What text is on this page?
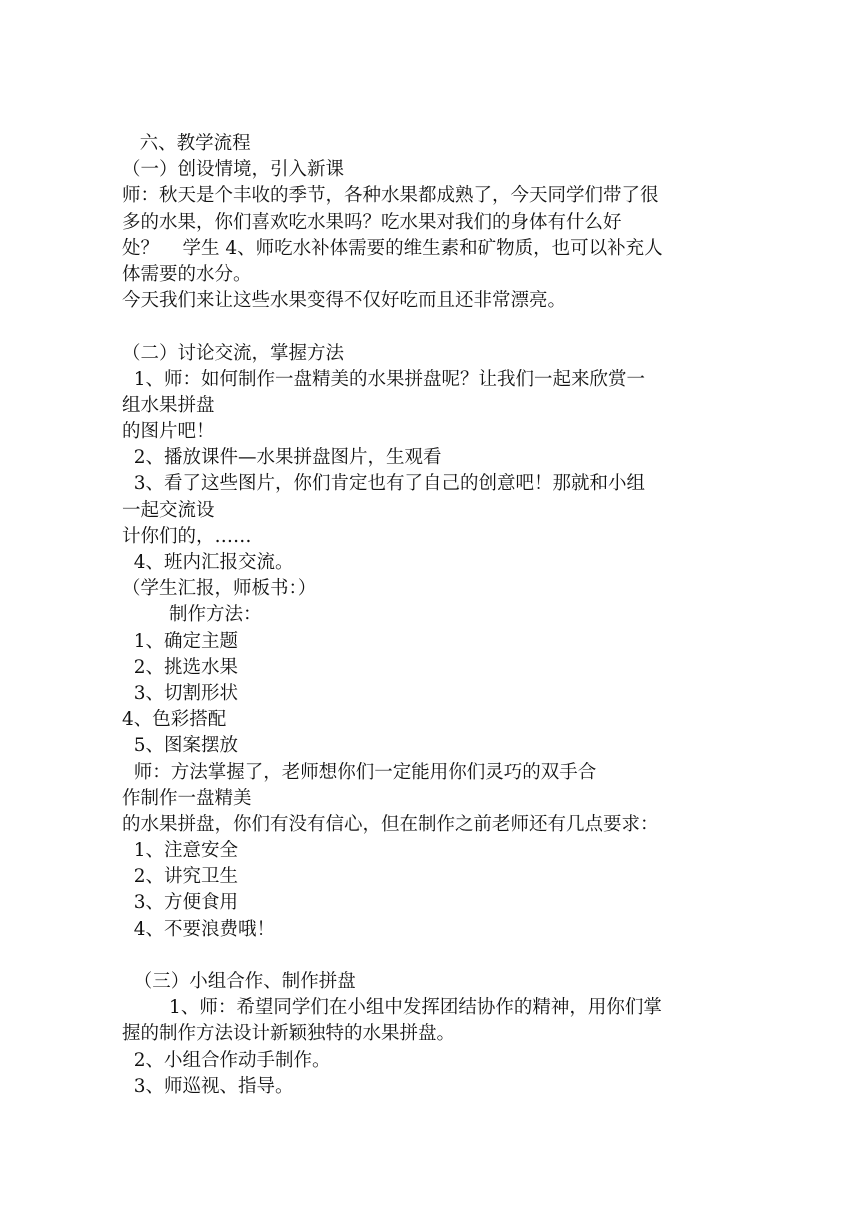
六、教学流程
（一）创设情境，引入新课
师：秋天是个丰收的季节，各种水果都成熟了，今天同学们带了很
多的水果，你们喜欢吃水果吗？吃水果对我们的身体有什么好
处？    学生 4、师吃水补体需要的维生素和矿物质，也可以补充人
体需要的水分。
今天我们来让这些水果变得不仅好吃而且还非常漂亮。
（二）讨论交流，掌握方法
1、师：如何制作一盘精美的水果拼盘呢？让我们一起来欣赏一
组水果拼盘
的图片吧！
2、播放课件—水果拼盘图片，生观看
3、看了这些图片，你们肯定也有了自己的创意吧！那就和小组
一起交流设
计你们的，……
4、班内汇报交流。
（学生汇报，师板书：）
制作方法：
1、确定主题
2、挑选水果
3、切割形状
4、色彩搭配
5、图案摆放
师：方法掌握了，老师想你们一定能用你们灵巧的双手合
作制作一盘精美
的水果拼盘，你们有没有信心，但在制作之前老师还有几点要求：
1、注意安全
2、讲究卫生
3、方便食用
4、不要浪费哦！
（三）小组合作、制作拼盘
1、师：希望同学们在小组中发挥团结协作的精神，用你们掌
握的制作方法设计新颖独特的水果拼盘。
2、小组合作动手制作。
3、师巡视、指导。
